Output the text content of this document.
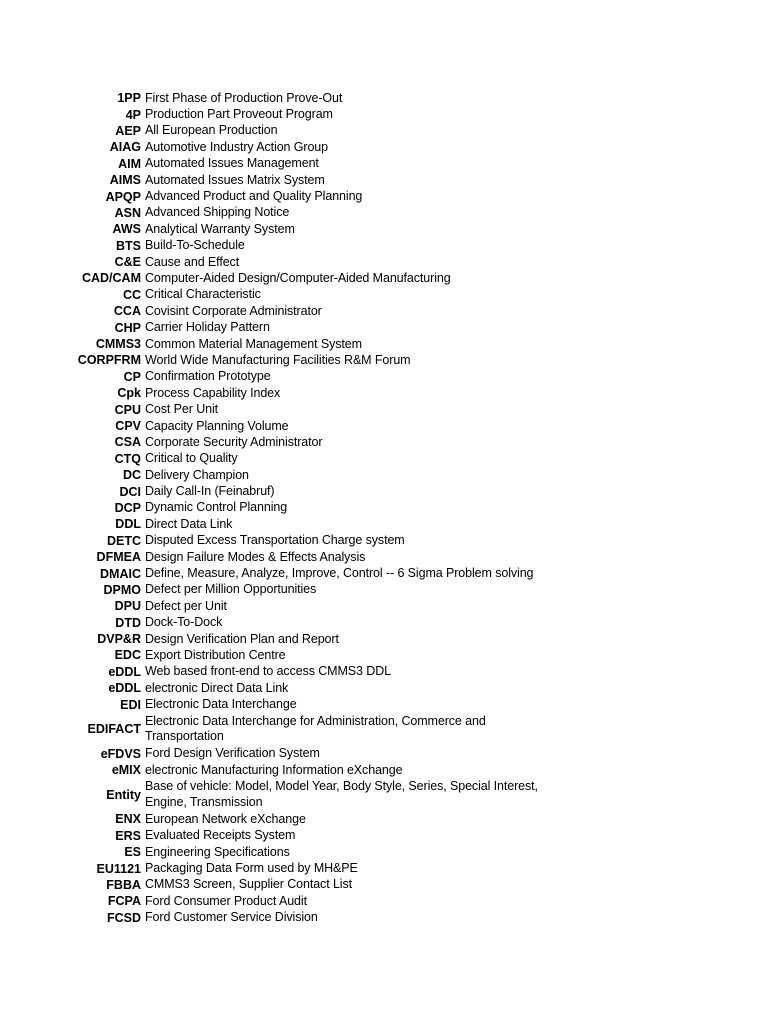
1PP First Phase of Production Prove-Out
4P Production Part Proveout Program
AEP All European Production
AIAG Automotive Industry Action Group
AIM Automated Issues Management
AIMS Automated Issues Matrix System
APQP Advanced Product and Quality Planning
ASN Advanced Shipping Notice
AWS Analytical Warranty System
BTS Build-To-Schedule
C&E Cause and Effect
CAD/CAM Computer-Aided Design/Computer-Aided Manufacturing
CC Critical Characteristic
CCA Covisint Corporate Administrator
CHP Carrier Holiday Pattern
CMMS3 Common Material Management System
CORPFRM World Wide Manufacturing Facilities R&M Forum
CP Confirmation Prototype
Cpk Process Capability Index
CPU Cost Per Unit
CPV Capacity Planning Volume
CSA Corporate Security Administrator
CTQ Critical to Quality
DC Delivery Champion
DCI Daily Call-In (Feinabruf)
DCP Dynamic Control Planning
DDL Direct Data Link
DETC Disputed Excess Transportation Charge system
DFMEA Design Failure Modes & Effects Analysis
DMAIC Define, Measure, Analyze, Improve, Control -- 6 Sigma Problem solving
DPMO Defect per Million Opportunities
DPU Defect per Unit
DTD Dock-To-Dock
DVP&R Design Verification Plan and Report
EDC Export Distribution Centre
eDDL Web based front-end to access CMMS3 DDL
eDDL electronic Direct Data Link
EDI Electronic Data Interchange
EDIFACT
Electronic Data Interchange for Administration, Commerce and Transportation
eFDVS Ford Design Verification System
eMIX electronic Manufacturing Information eXchange
Entity
Base of vehicle: Model, Model Year, Body Style, Series, Special Interest, Engine, Transmission
ENX European Network eXchange
ERS Evaluated Receipts System
ES Engineering Specifications
EU1121 Packaging Data Form used by MH&PE
FBBA CMMS3 Screen, Supplier Contact List
FCPA Ford Consumer Product Audit
FCSD Ford Customer Service Division
